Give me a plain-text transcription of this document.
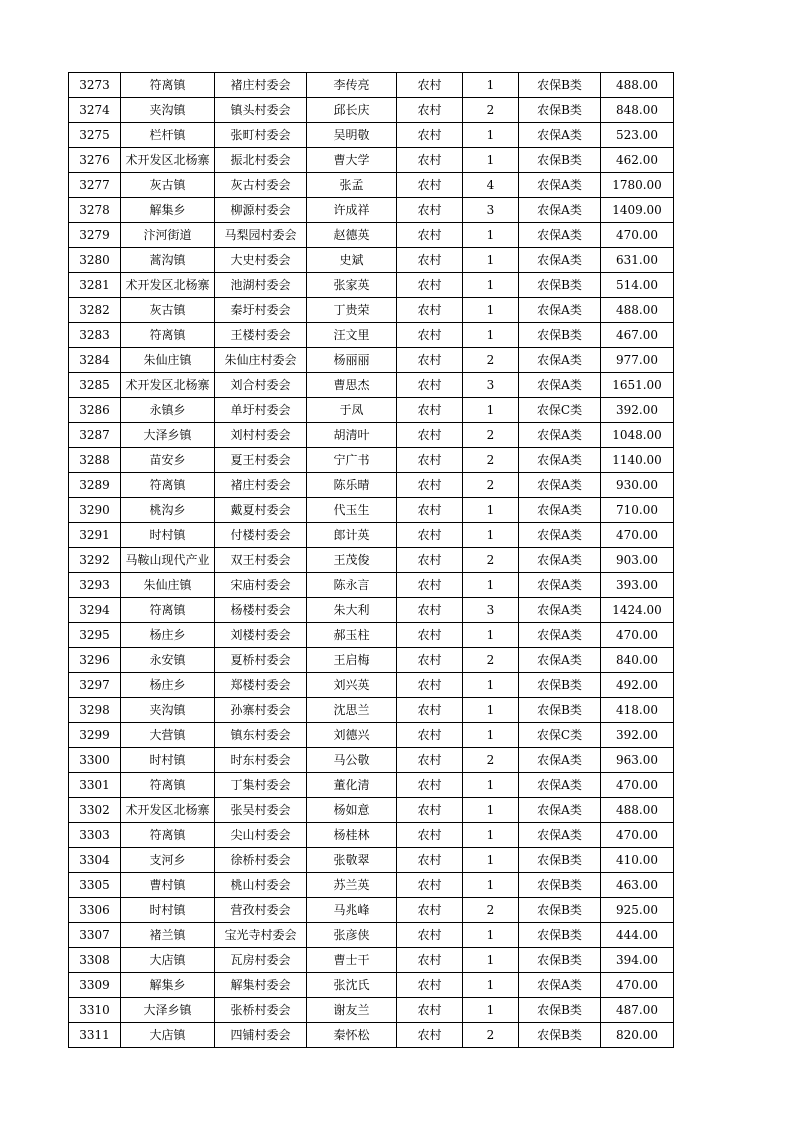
3273	符离镇	褚庄村委会	李传亮	农村	1	农保B类	488.00
3274	夹沟镇	镇头村委会	邱长庆	农村	2	农保B类	848.00
3275	栏杆镇	张町村委会	吴明敬	农村	1	农保A类	523.00
3276	术开发区北杨寨	振北村委会	曹大学	农村	1	农保B类	462.00
3277	灰古镇	灰古村委会	张孟	农村	4	农保A类	1780.00
3278	解集乡	柳源村委会	许成祥	农村	3	农保A类	1409.00
3279	汴河街道	马梨园村委会	赵德英	农村	1	农保A类	470.00
3280	蒿沟镇	大史村委会	史斌	农村	1	农保A类	631.00
3281	术开发区北杨寨	池湖村委会	张家英	农村	1	农保B类	514.00
3282	灰古镇	秦圩村委会	丁贵荣	农村	1	农保A类	488.00
3283	符离镇	王楼村委会	汪文里	农村	1	农保B类	467.00
3284	朱仙庄镇	朱仙庄村委会	杨丽丽	农村	2	农保A类	977.00
3285	术开发区北杨寨	刘合村委会	曹思杰	农村	3	农保A类	1651.00
3286	永镇乡	单圩村委会	于凤	农村	1	农保C类	392.00
3287	大泽乡镇	刘村村委会	胡清叶	农村	2	农保A类	1048.00
3288	苗安乡	夏王村委会	宁广书	农村	2	农保A类	1140.00
3289	符离镇	褚庄村委会	陈乐晴	农村	2	农保A类	930.00
3290	桃沟乡	戴夏村委会	代玉生	农村	1	农保A类	710.00
3291	时村镇	付楼村委会	郎计英	农村	1	农保A类	470.00
3292	马鞍山现代产业	双王村委会	王茂俊	农村	2	农保A类	903.00
3293	朱仙庄镇	宋庙村委会	陈永言	农村	1	农保A类	393.00
3294	符离镇	杨楼村委会	朱大利	农村	3	农保A类	1424.00
3295	杨庄乡	刘楼村委会	郝玉柱	农村	1	农保A类	470.00
3296	永安镇	夏桥村委会	王启梅	农村	2	农保A类	840.00
3297	杨庄乡	郑楼村委会	刘兴英	农村	1	农保B类	492.00
3298	夹沟镇	孙寨村委会	沈思兰	农村	1	农保B类	418.00
3299	大营镇	镇东村委会	刘德兴	农村	1	农保C类	392.00
3300	时村镇	时东村委会	马公敬	农村	2	农保A类	963.00
3301	符离镇	丁集村委会	董化清	农村	1	农保A类	470.00
3302	术开发区北杨寨	张吴村委会	杨如意	农村	1	农保A类	488.00
3303	符离镇	尖山村委会	杨桂林	农村	1	农保A类	470.00
3304	支河乡	徐桥村委会	张敬翠	农村	1	农保B类	410.00
3305	曹村镇	桃山村委会	苏兰英	农村	1	农保B类	463.00
3306	时村镇	营孜村委会	马兆峰	农村	2	农保B类	925.00
3307	褚兰镇	宝光寺村委会	张彦侠	农村	1	农保B类	444.00
3308	大店镇	瓦房村委会	曹士干	农村	1	农保B类	394.00
3309	解集乡	解集村委会	张沈氏	农村	1	农保A类	470.00
3310	大泽乡镇	张桥村委会	谢友兰	农村	1	农保B类	487.00
3311	大店镇	四铺村委会	秦怀松	农村	2	农保B类	820.00
